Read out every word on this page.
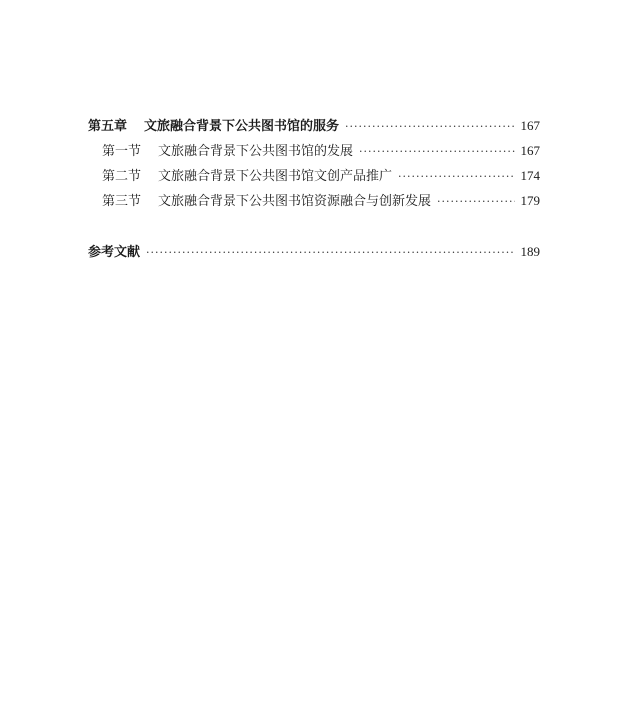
第五章	文旅融合背景下公共图书馆的服务 ·····	167
第一节	文旅融合背景下公共图书馆的发展 ·····	167
第二节	文旅融合背景下公共图书馆文创产品推广 ·····	174
第三节	文旅融合背景下公共图书馆资源融合与创新发展 ·····	179
参考文献 ·····	189
